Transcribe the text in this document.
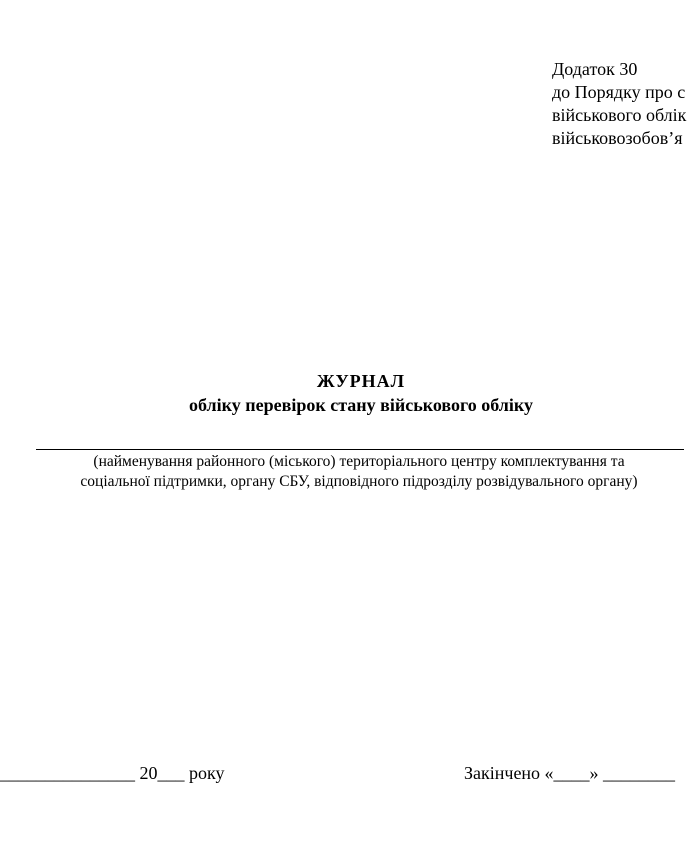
Додаток 30
до Порядку про с
військового облік
військовозобов’я
ЖУРНАЛ
обліку перевірок стану військового обліку
(найменування районного (міського) територіального центру комплектування та
соціальної підтримки, органу СБУ, відповідного підрозділу розвідувального органу)
_______________ 20___ року	Закінчено «____» ________
